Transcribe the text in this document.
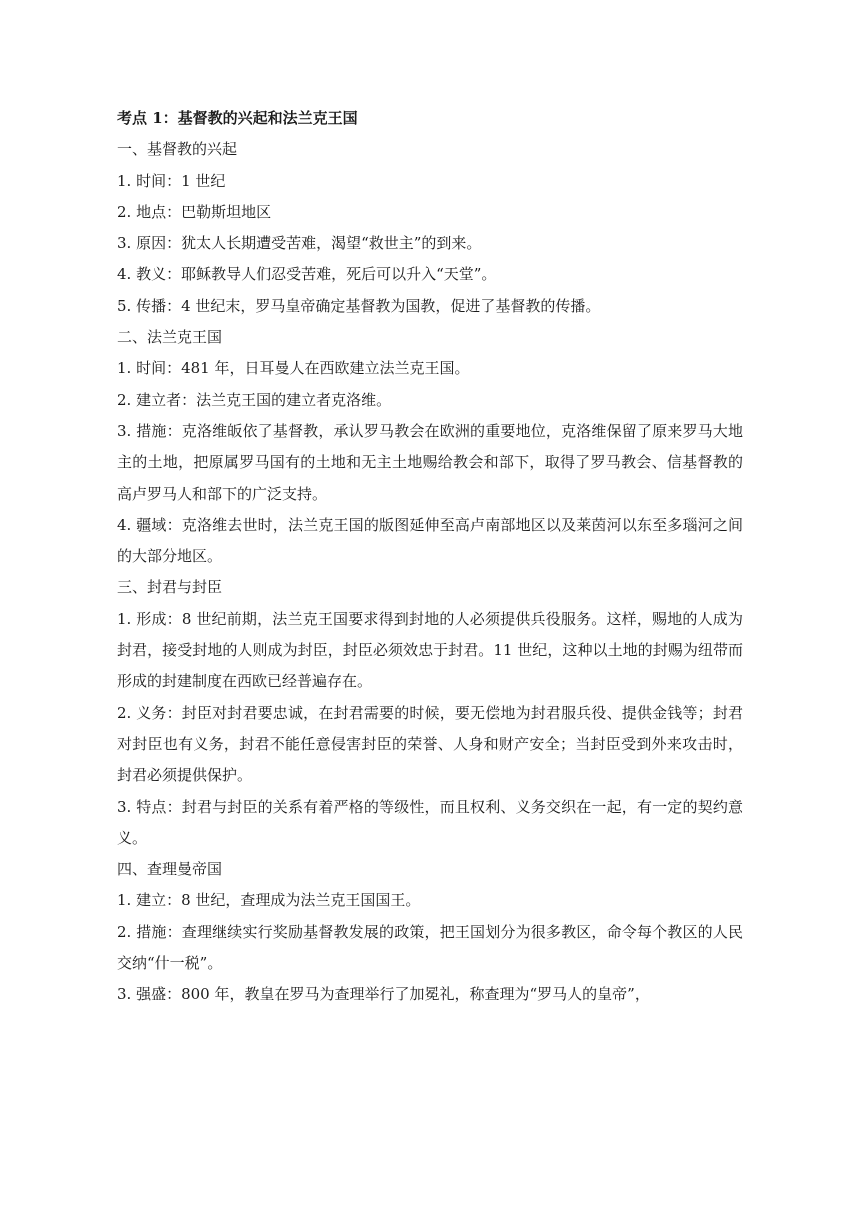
考点 1：基督教的兴起和法兰克王国
一、基督教的兴起
1. 时间：1 世纪
2. 地点：巴勒斯坦地区
3. 原因：犹太人长期遭受苦难，渴望“救世主”的到来。
4. 教义：耶稣教导人们忍受苦难，死后可以升入“天堂”。
5. 传播：4 世纪末，罗马皇帝确定基督教为国教，促进了基督教的传播。
二、法兰克王国
1. 时间：481 年，日耳曼人在西欧建立法兰克王国。
2. 建立者：法兰克王国的建立者克洛维。
3. 措施：克洛维皈依了基督教，承认罗马教会在欧洲的重要地位，克洛维保留了原来罗马大地主的土地，把原属罗马国有的土地和无主土地赐给教会和部下，取得了罗马教会、信基督教的高卢罗马人和部下的广泛支持。
4. 疆域：克洛维去世时，法兰克王国的版图延伸至高卢南部地区以及莱茵河以东至多瑙河之间的大部分地区。
三、封君与封臣
1. 形成：8 世纪前期，法兰克王国要求得到封地的人必须提供兵役服务。这样，赐地的人成为封君，接受封地的人则成为封臣，封臣必须效忠于封君。11 世纪，这种以土地的封赐为纽带而形成的封建制度在西欧已经普遍存在。
2. 义务：封臣对封君要忠诚，在封君需要的时候，要无偿地为封君服兵役、提供金钱等；封君对封臣也有义务，封君不能任意侵害封臣的荣誉、人身和财产安全；当封臣受到外来攻击时，封君必须提供保护。
3. 特点：封君与封臣的关系有着严格的等级性，而且权利、义务交织在一起，有一定的契约意义。
四、查理曼帝国
1. 建立：8 世纪，查理成为法兰克王国国王。
2. 措施：查理继续实行奖励基督教发展的政策，把王国划分为很多教区，命令每个教区的人民交纳“什一税”。
3. 强盛：800 年，教皇在罗马为查理举行了加冕礼，称查理为“罗马人的皇帝”，
